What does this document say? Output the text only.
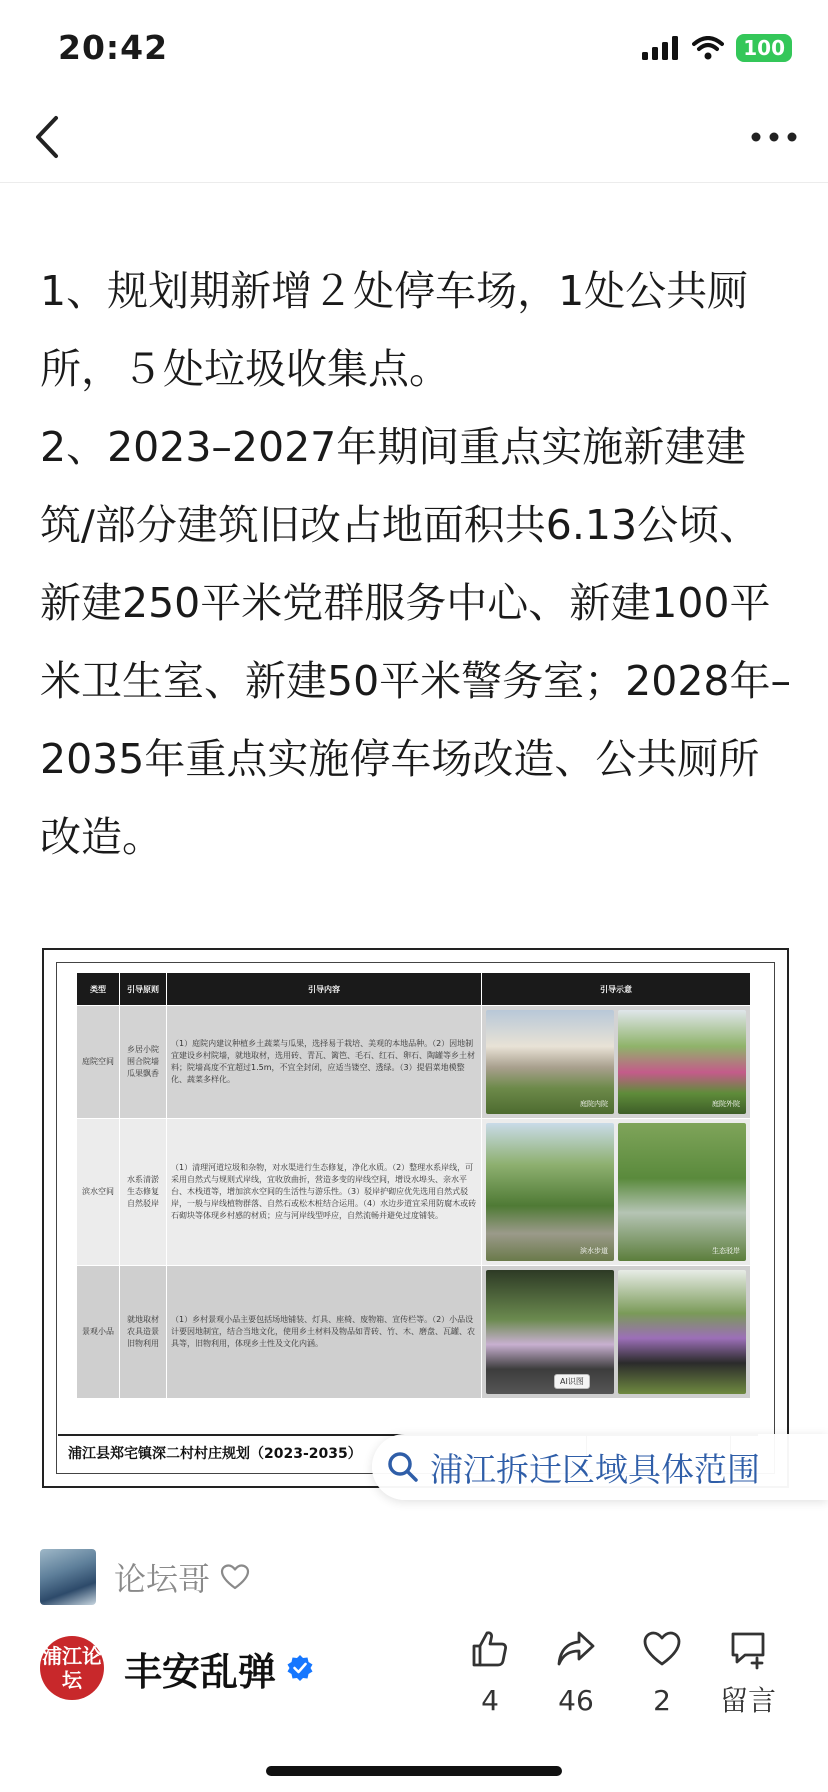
20:42	100

1、规划期新增２处停车场，1处公共厕所，５处垃圾收集点。

2、2023–2027年期间重点实施新建建筑/部分建筑旧改占地面积共6.13公顷、新建250平米党群服务中心、新建100平米卫生室、新建50平米警务室；2028年–2035年重点实施停车场改造、公共厕所改造。

类型	引导原则	引导内容	引导示意
庭院空间	乡居小院围合院墙瓜果飘香	（1）庭院内建议种植乡土蔬菜与瓜果，选择易于栽培、美观的本地品种。（2）因地制宜建设乡村院墙，就地取材，选用砖、青瓦、篱笆、毛石、红石、卵石、陶罐等乡土材料；院墙高度不宜超过1.5m，不宜全封闭，应适当镂空、透绿。（3）提倡菜地模整化、蔬菜多样化。	庭院内院 庭院外院

滨水空间	水系清淤生态修复自然驳岸	（1）清理河道垃圾和杂物，对水渠进行生态修复，净化水质。（2）整理水系岸线，可采用自然式与规则式岸线，宜收放曲折，营造多变的岸线空间，增设水埠头、亲水平台、木栈道等，增加滨水空间的生活性与游乐性。（3）驳岸护砌应优先选用自然式驳岸，一般与岸线植物群落、自然石或松木桩结合运用。（4）水边步道宜采用防腐木或砖石砌块等体现乡村感的材质；应与河岸线型呼应，自然流畅并避免过度铺装。	滨水步道 生态驳岸

景观小品	就地取材农具造景旧物利用	（1）乡村景观小品主要包括场地铺装、灯具、座椅、废物箱、宣传栏等。（2）小品设计要因地制宜，结合当地文化，使用乡土材料及物品如青砖、竹、木、磨盘、瓦罐、农具等，旧物利用，体现乡土性及文化内涵。	
AI识图
浦江县郑宅镇深二村村庄规划（2023-2035） 浦江拆迁区域具体范围
论坛哥
浦江论坛	丰安乱弹
4	46	2	留言
